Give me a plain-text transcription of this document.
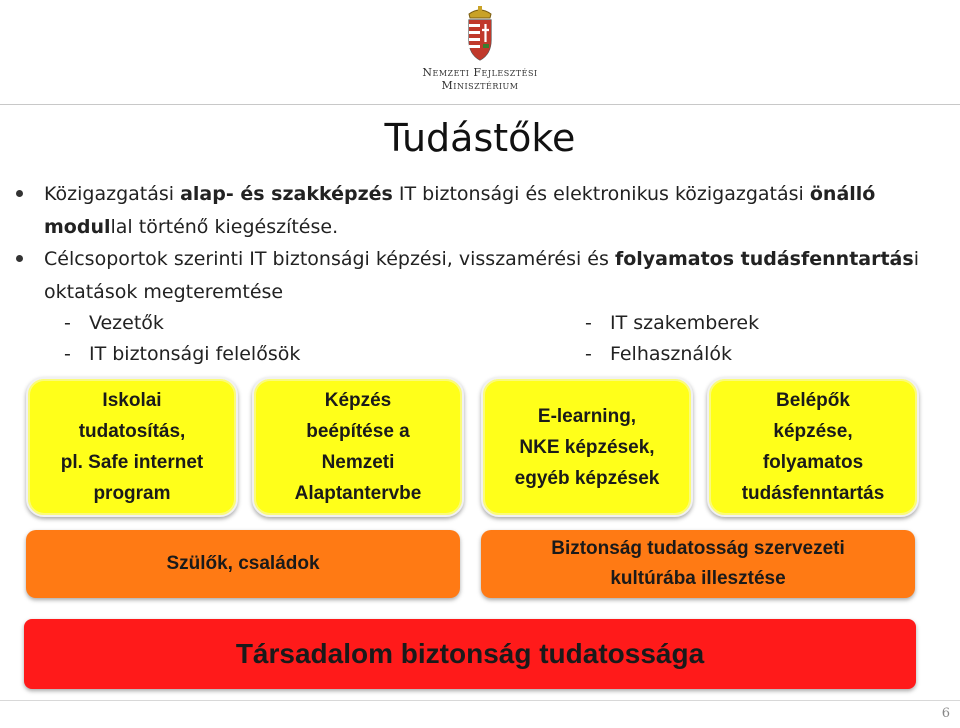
Nemzeti Fejlesztési
Minisztérium
Tudástőke
Közigazgatási alap- és szakképzés IT biztonsági és elektronikus közigazgatási önálló modullal történő kiegészítése.
Célcsoportok szerinti IT biztonsági képzési, visszamérési és folyamatos tudásfenntartási oktatások megteremtése
-   Vezetők
-   IT biztonsági felelősök
-   IT szakemberek
-   Felhasználók
Iskolai
tudatosítás,
pl. Safe internet
program
Képzés
beépítése a
Nemzeti
Alaptantervbe
E-learning,
NKE képzések,
egyéb képzések
Belépők
képzése,
folyamatos
tudásfenntartás
Szülők, családok
Biztonság tudatosság szervezeti
kultúrába illesztése
Társadalom biztonság tudatossága
6
